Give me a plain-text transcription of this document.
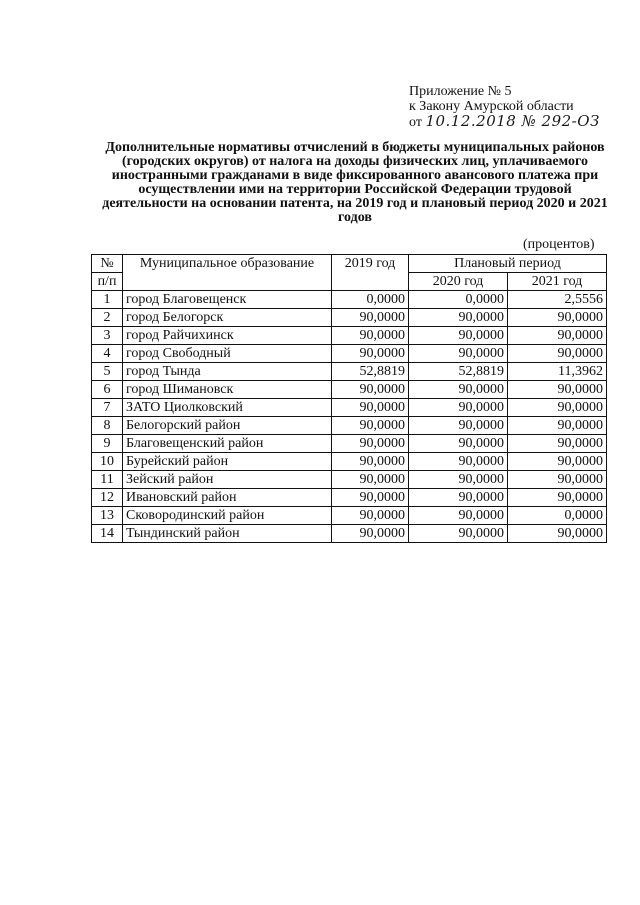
Приложение № 5
к Закону Амурской области
от 10.12.2018 № 292-ОЗ
Дополнительные нормативы отчислений в бюджеты муниципальных районов (городских округов) от налога на доходы физических лиц, уплачиваемого иностранными гражданами в виде фиксированного авансового платежа при осуществлении ими на территории Российской Федерации трудовой деятельности на основании патента, на 2019 год и плановый период 2020 и 2021 годов
(процентов)
№	Муниципальное образование	2019 год	Плановый период	
п/п			2020 год	2021 год
1	город Благовещенск	0,0000	0,0000	2,5556
2	город Белогорск	90,0000	90,0000	90,0000
3	город Райчихинск	90,0000	90,0000	90,0000
4	город Свободный	90,0000	90,0000	90,0000
5	город Тында	52,8819	52,8819	11,3962
6	город Шимановск	90,0000	90,0000	90,0000
7	ЗАТО Циолковский	90,0000	90,0000	90,0000
8	Белогорский район	90,0000	90,0000	90,0000
9	Благовещенский район	90,0000	90,0000	90,0000
10	Бурейский район	90,0000	90,0000	90,0000
11	Зейский район	90,0000	90,0000	90,0000
12	Ивановский район	90,0000	90,0000	90,0000
13	Сковородинский район	90,0000	90,0000	0,0000
14	Тындинский район	90,0000	90,0000	90,0000
